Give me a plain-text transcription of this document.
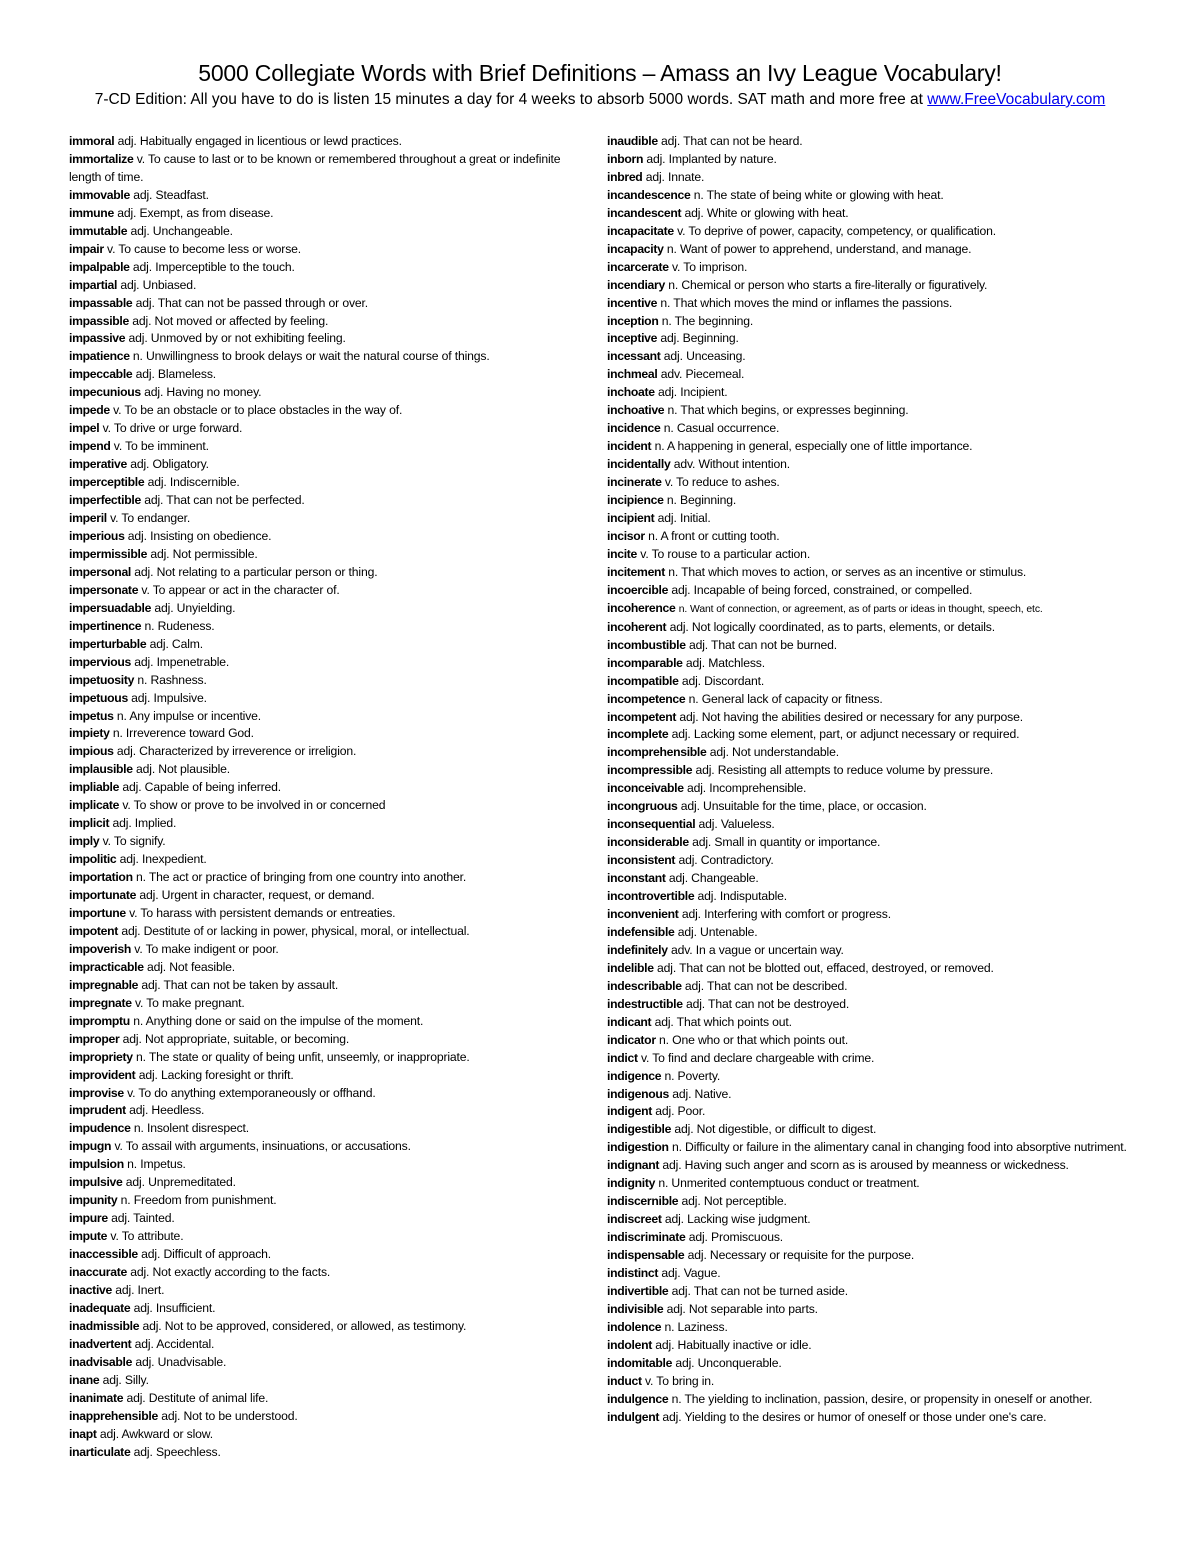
5000 Collegiate Words with Brief Definitions – Amass an Ivy League Vocabulary!

7-CD Edition: All you have to do is listen 15 minutes a day for 4 weeks to absorb 5000 words. SAT math and more free at www.FreeVocabulary.com

immoral adj. Habitually engaged in licentious or lewd practices.
immortalize v. To cause to last or to be known or remembered throughout a great or indefinite length of time.
immovable adj. Steadfast.
immune adj. Exempt, as from disease.
immutable adj. Unchangeable.
impair v. To cause to become less or worse.
impalpable adj. Imperceptible to the touch.
impartial adj. Unbiased.
impassable adj. That can not be passed through or over.
impassible adj. Not moved or affected by feeling.
impassive adj. Unmoved by or not exhibiting feeling.
impatience n. Unwillingness to brook delays or wait the natural course of things.
impeccable adj. Blameless.
impecunious adj. Having no money.
impede v. To be an obstacle or to place obstacles in the way of.
impel v. To drive or urge forward.
impend v. To be imminent.
imperative adj. Obligatory.
imperceptible adj. Indiscernible.
imperfectible adj. That can not be perfected.
imperil v. To endanger.
imperious adj. Insisting on obedience.
impermissible adj. Not permissible.
impersonal adj. Not relating to a particular person or thing.
impersonate v. To appear or act in the character of.
impersuadable adj. Unyielding.
impertinence n. Rudeness.
imperturbable adj. Calm.
impervious adj. Impenetrable.
impetuosity n. Rashness.
impetuous adj. Impulsive.
impetus n. Any impulse or incentive.
impiety n. Irreverence toward God.
impious adj. Characterized by irreverence or irreligion.
implausible adj. Not plausible.
impliable adj. Capable of being inferred.
implicate v. To show or prove to be involved in or concerned
implicit adj. Implied.
imply v. To signify.
impolitic adj. Inexpedient.
importation n. The act or practice of bringing from one country into another.
importunate adj. Urgent in character, request, or demand.
importune v. To harass with persistent demands or entreaties.
impotent adj. Destitute of or lacking in power, physical, moral, or intellectual.
impoverish v. To make indigent or poor.
impracticable adj. Not feasible.
impregnable adj. That can not be taken by assault.
impregnate v. To make pregnant.
impromptu n. Anything done or said on the impulse of the moment.
improper adj. Not appropriate, suitable, or becoming.
impropriety n. The state or quality of being unfit, unseemly, or inappropriate.
improvident adj. Lacking foresight or thrift.
improvise v. To do anything extemporaneously or offhand.
imprudent adj. Heedless.
impudence n. Insolent disrespect.
impugn v. To assail with arguments, insinuations, or accusations.
impulsion n. Impetus.
impulsive adj. Unpremeditated.
impunity n. Freedom from punishment.
impure adj. Tainted.
impute v. To attribute.
inaccessible adj. Difficult of approach.
inaccurate adj. Not exactly according to the facts.
inactive adj. Inert.
inadequate adj. Insufficient.
inadmissible adj. Not to be approved, considered, or allowed, as testimony.
inadvertent adj. Accidental.
inadvisable adj. Unadvisable.
inane adj. Silly.
inanimate adj. Destitute of animal life.
inapprehensible adj. Not to be understood.
inapt adj. Awkward or slow.
inarticulate adj. Speechless.
inaudible adj. That can not be heard.
inborn adj. Implanted by nature.
inbred adj. Innate.
incandescence n. The state of being white or glowing with heat.
incandescent adj. White or glowing with heat.
incapacitate v. To deprive of power, capacity, competency, or qualification.
incapacity n. Want of power to apprehend, understand, and manage.
incarcerate v. To imprison.
incendiary n. Chemical or person who starts a fire-literally or figuratively.
incentive n. That which moves the mind or inflames the passions.
inception n. The beginning.
inceptive adj. Beginning.
incessant adj. Unceasing.
inchmeal adv. Piecemeal.
inchoate adj. Incipient.
inchoative n. That which begins, or expresses beginning.
incidence n. Casual occurrence.
incident n. A happening in general, especially one of little importance.
incidentally adv. Without intention.
incinerate v. To reduce to ashes.
incipience n. Beginning.
incipient adj. Initial.
incisor n. A front or cutting tooth.
incite v. To rouse to a particular action.
incitement n. That which moves to action, or serves as an incentive or stimulus.
incoercible adj. Incapable of being forced, constrained, or compelled.
incoherence n. Want of connection, or agreement, as of parts or ideas in thought, speech, etc.
incoherent adj. Not logically coordinated, as to parts, elements, or details.
incombustible adj. That can not be burned.
incomparable adj. Matchless.
incompatible adj. Discordant.
incompetence n. General lack of capacity or fitness.
incompetent adj. Not having the abilities desired or necessary for any purpose.
incomplete adj. Lacking some element, part, or adjunct necessary or required.
incomprehensible adj. Not understandable.
incompressible adj. Resisting all attempts to reduce volume by pressure.
inconceivable adj. Incomprehensible.
incongruous adj. Unsuitable for the time, place, or occasion.
inconsequential adj. Valueless.
inconsiderable adj. Small in quantity or importance.
inconsistent adj. Contradictory.
inconstant adj. Changeable.
incontrovertible adj. Indisputable.
inconvenient adj. Interfering with comfort or progress.
indefensible adj. Untenable.
indefinitely adv. In a vague or uncertain way.
indelible adj. That can not be blotted out, effaced, destroyed, or removed.
indescribable adj. That can not be described.
indestructible adj. That can not be destroyed.
indicant adj. That which points out.
indicator n. One who or that which points out.
indict v. To find and declare chargeable with crime.
indigence n. Poverty.
indigenous adj. Native.
indigent adj. Poor.
indigestible adj. Not digestible, or difficult to digest.
indigestion n. Difficulty or failure in the alimentary canal in changing food into absorptive nutriment.
indignant adj. Having such anger and scorn as is aroused by meanness or wickedness.
indignity n. Unmerited contemptuous conduct or treatment.
indiscernible adj. Not perceptible.
indiscreet adj. Lacking wise judgment.
indiscriminate adj. Promiscuous.
indispensable adj. Necessary or requisite for the purpose.
indistinct adj. Vague.
indivertible adj. That can not be turned aside.
indivisible adj. Not separable into parts.
indolence n. Laziness.
indolent adj. Habitually inactive or idle.
indomitable adj. Unconquerable.
induct v. To bring in.
indulgence n. The yielding to inclination, passion, desire, or propensity in oneself or another.
indulgent adj. Yielding to the desires or humor of oneself or those under one's care.
